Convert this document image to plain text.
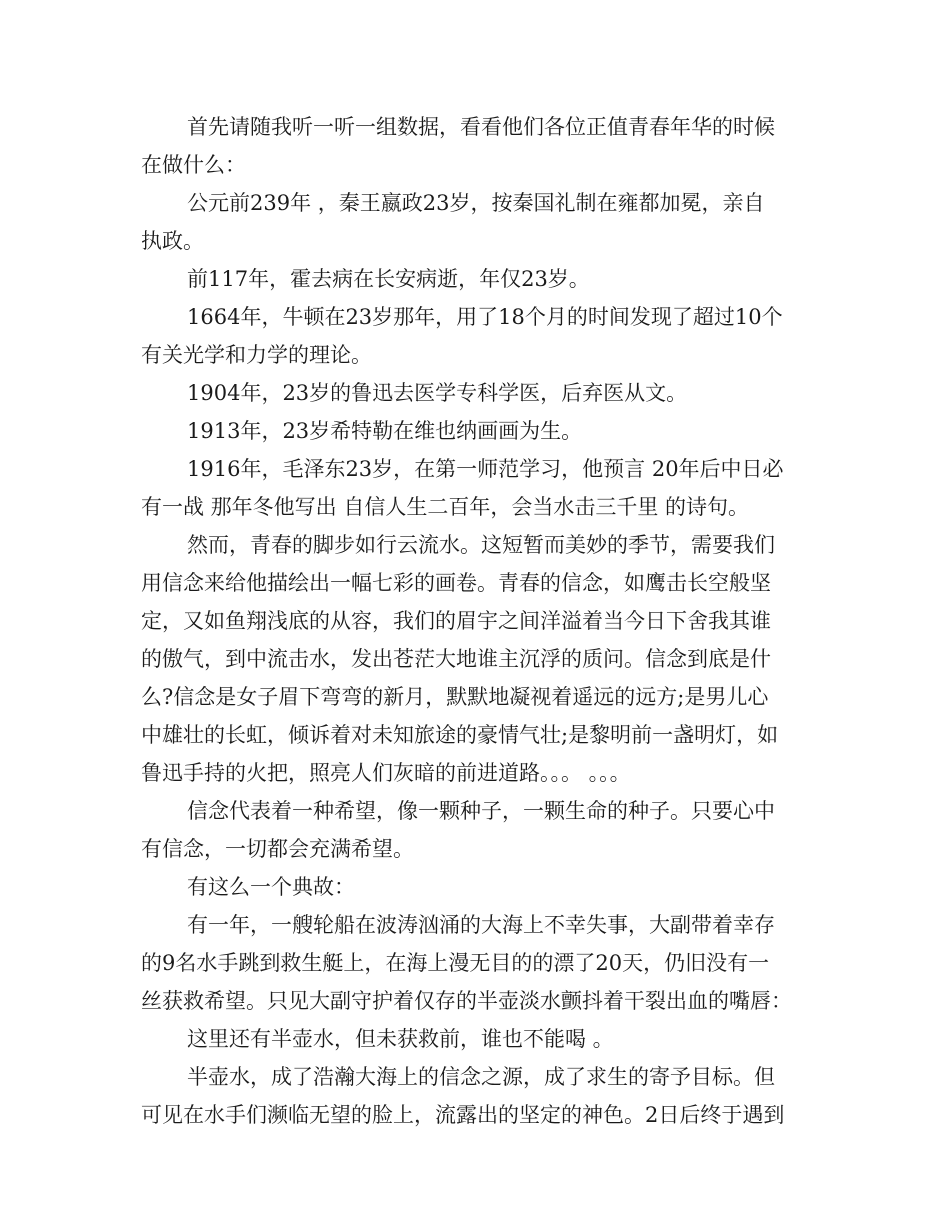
首先请随我听一听一组数据，看看他们各位正值青春年华的时候
在做什么：

公元前239年 ，秦王嬴政23岁，按秦国礼制在雍都加冕，亲自
执政。

前117年，霍去病在长安病逝，年仅23岁。

1664年，牛顿在23岁那年，用了18个月的时间发现了超过10个
有关光学和力学的理论。

1904年，23岁的鲁迅去医学专科学医，后弃医从文。

1913年，23岁希特勒在维也纳画画为生。

1916年，毛泽东23岁，在第一师范学习，他预言 20年后中日必
有一战 那年冬他写出 自信人生二百年，会当水击三千里 的诗句。

然而，青春的脚步如行云流水。这短暂而美妙的季节，需要我们
用信念来给他描绘出一幅七彩的画卷。青春的信念，如鹰击长空般坚
定，又如鱼翔浅底的从容，我们的眉宇之间洋溢着当今日下舍我其谁
的傲气，到中流击水，发出苍茫大地谁主沉浮的质问。信念到底是什
么?信念是女子眉下弯弯的新月，默默地凝视着遥远的远方;是男儿心
中雄壮的长虹，倾诉着对未知旅途的豪情气壮;是黎明前一盏明灯，如
鲁迅手持的火把，照亮人们灰暗的前进道路。。。 。。。

信念代表着一种希望，像一颗种子，一颗生命的种子。只要心中
有信念，一切都会充满希望。

有这么一个典故：

有一年，一艘轮船在波涛汹涌的大海上不幸失事，大副带着幸存
的9名水手跳到救生艇上，在海上漫无目的的漂了20天，仍旧没有一
丝获救希望。只见大副守护着仅存的半壶淡水颤抖着干裂出血的嘴唇：

这里还有半壶水，但未获救前，谁也不能喝 。

半壶水，成了浩瀚大海上的信念之源，成了求生的寄予目标。但
可见在水手们濒临无望的脸上，流露出的坚定的神色。2日后终于遇到
